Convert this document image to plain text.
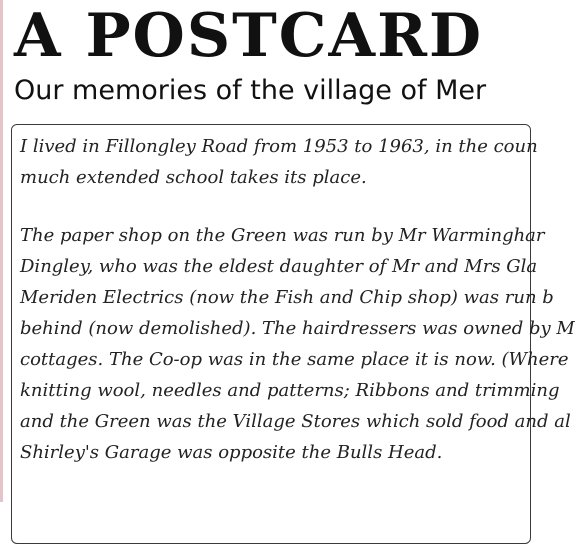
A POSTCARD
Our memories of the village of Mer

I lived in Fillongley Road from 1953 to 1963, in the coun

much extended school takes its place.

The paper shop on the Green was run by Mr Warminghar

Dingley, who was the eldest daughter of Mr and Mrs Gla

Meriden Electrics (now the Fish and Chip shop) was run b

behind (now demolished). The hairdressers was owned by M

cottages. The Co-op was in the same place it is now. (Where

knitting wool, needles and patterns; Ribbons and trimming

and the Green was the Village Stores which sold food and al

Shirley's Garage was opposite the Bulls Head.
